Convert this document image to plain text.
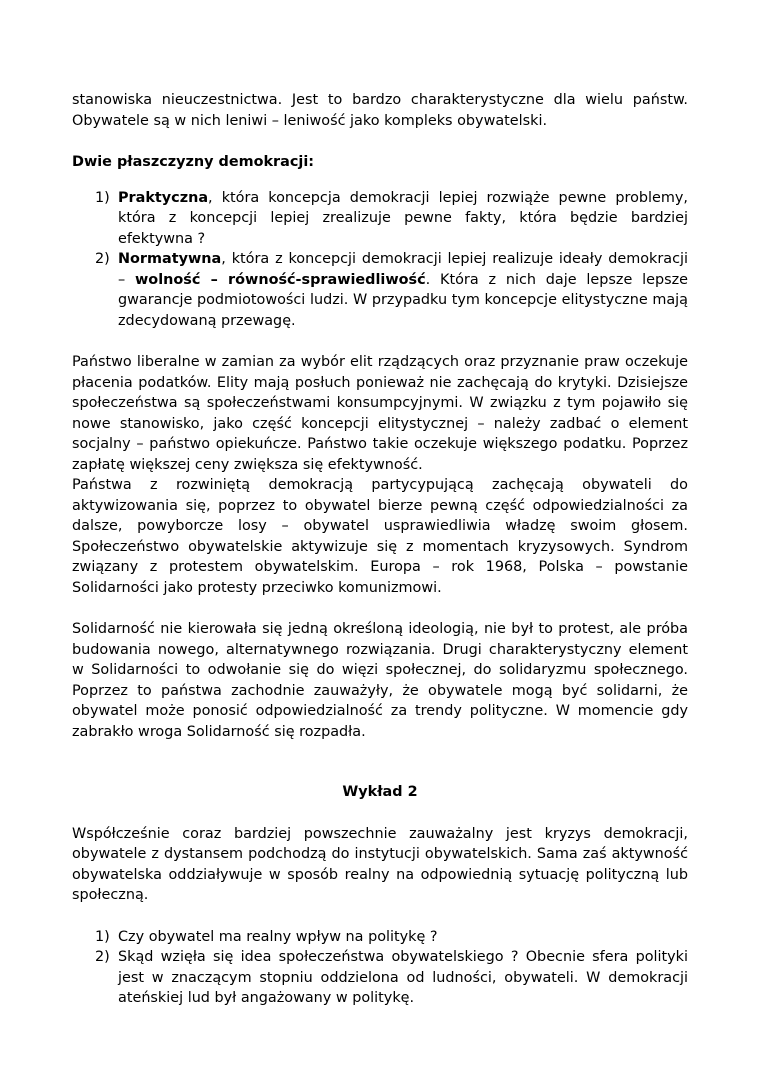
stanowiska nieuczestnictwa. Jest to bardzo charakterystyczne dla wielu państw. Obywatele są w nich leniwi – leniwość jako kompleks obywatelski.

Dwie płaszczyzny demokracji:

1) Praktyczna, która koncepcja demokracji lepiej rozwiąże pewne problemy, która z koncepcji lepiej zrealizuje pewne fakty, która będzie bardziej efektywna ?
2) Normatywna, która z koncepcji demokracji lepiej realizuje ideały demokracji – wolność – równość-sprawiedliwość. Która z nich daje lepsze lepsze gwarancje podmiotowości ludzi. W przypadku tym koncepcje elitystyczne mają zdecydowaną przewagę.

Państwo liberalne w zamian za wybór elit rządzących oraz przyznanie praw oczekuje płacenia podatków. Elity mają posłuch ponieważ nie zachęcają do krytyki. Dzisiejsze społeczeństwa są społeczeństwami konsumpcyjnymi. W związku z tym pojawiło się nowe stanowisko, jako część koncepcji elitystycznej – należy zadbać o element socjalny – państwo opiekuńcze. Państwo takie oczekuje większego podatku. Poprzez zapłatę większej ceny zwiększa się efektywność.

Państwa z rozwiniętą demokracją partycypującą zachęcają obywateli do aktywizowania się, poprzez to obywatel bierze pewną część odpowiedzialności za dalsze, powyborcze losy – obywatel usprawiedliwia władzę swoim głosem. Społeczeństwo obywatelskie aktywizuje się z momentach kryzysowych. Syndrom związany z protestem obywatelskim. Europa – rok 1968, Polska – powstanie Solidarności jako protesty przeciwko komunizmowi.

Solidarność nie kierowała się jedną określoną ideologią, nie był to protest, ale próba budowania nowego, alternatywnego rozwiązania. Drugi charakterystyczny element w Solidarności to odwołanie się do więzi społecznej, do solidaryzmu społecznego. Poprzez to państwa zachodnie zauważyły, że obywatele mogą być solidarni, że obywatel może ponosić odpowiedzialność za trendy polityczne. W momencie gdy zabrakło wroga Solidarność się rozpadła.

Wykład 2

Współcześnie coraz bardziej powszechnie zauważalny jest kryzys demokracji, obywatele z dystansem podchodzą do instytucji obywatelskich. Sama zaś aktywność obywatelska oddziaływuje w sposób realny na odpowiednią sytuację polityczną lub społeczną.

1) Czy obywatel ma realny wpływ na politykę ?
2) Skąd wzięła się idea społeczeństwa obywatelskiego ? Obecnie sfera polityki jest w znaczącym stopniu oddzielona od ludności, obywateli. W demokracji ateńskiej lud był angażowany w politykę.
